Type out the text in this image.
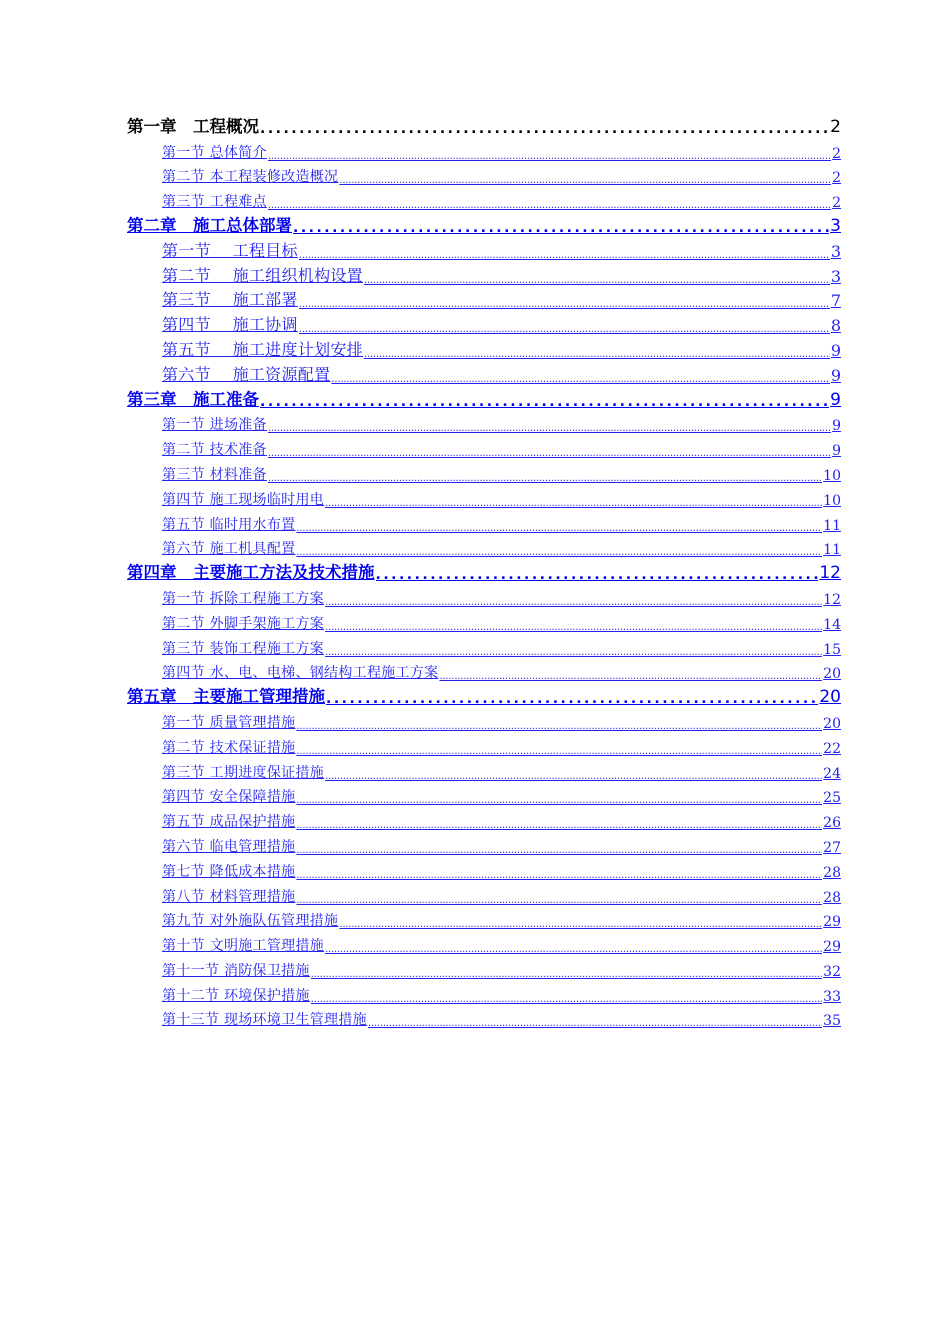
第一章　工程概况 .....	2
第一节 总体简介 .....	2
第二节 本工程装修改造概况 .....	2
第三节 工程难点 .....	2
第二章　施工总体部署 .....	3
第一节　 工程目标 .....	3
第二节　 施工组织机构设置 .....	3
第三节　 施工部署 .....	7
第四节　 施工协调 .....	8
第五节　 施工进度计划安排 .....	9
第六节　 施工资源配置 .....	9
第三章　施工准备 .....	9
第一节 进场准备 .....	9
第二节 技术准备 .....	9
第三节 材料准备 .....	10
第四节 施工现场临时用电 .....	10
第五节 临时用水布置 .....	11
第六节 施工机具配置 .....	11
第四章　主要施工方法及技术措施 .....	12
第一节 拆除工程施工方案 .....	12
第二节 外脚手架施工方案 .....	14
第三节 装饰工程施工方案 .....	15
第四节 水、电、电梯、钢结构工程施工方案 .....	20
第五章　主要施工管理措施 .....	20
第一节 质量管理措施 .....	20
第二节 技术保证措施 .....	22
第三节 工期进度保证措施 .....	24
第四节 安全保障措施 .....	25
第五节 成品保护措施 .....	26
第六节 临电管理措施 .....	27
第七节 降低成本措施 .....	28
第八节 材料管理措施 .....	28
第九节 对外施队伍管理措施 .....	29
第十节 文明施工管理措施 .....	29
第十一节 消防保卫措施 .....	32
第十二节 环境保护措施 .....	33
第十三节 现场环境卫生管理措施 .....	35
